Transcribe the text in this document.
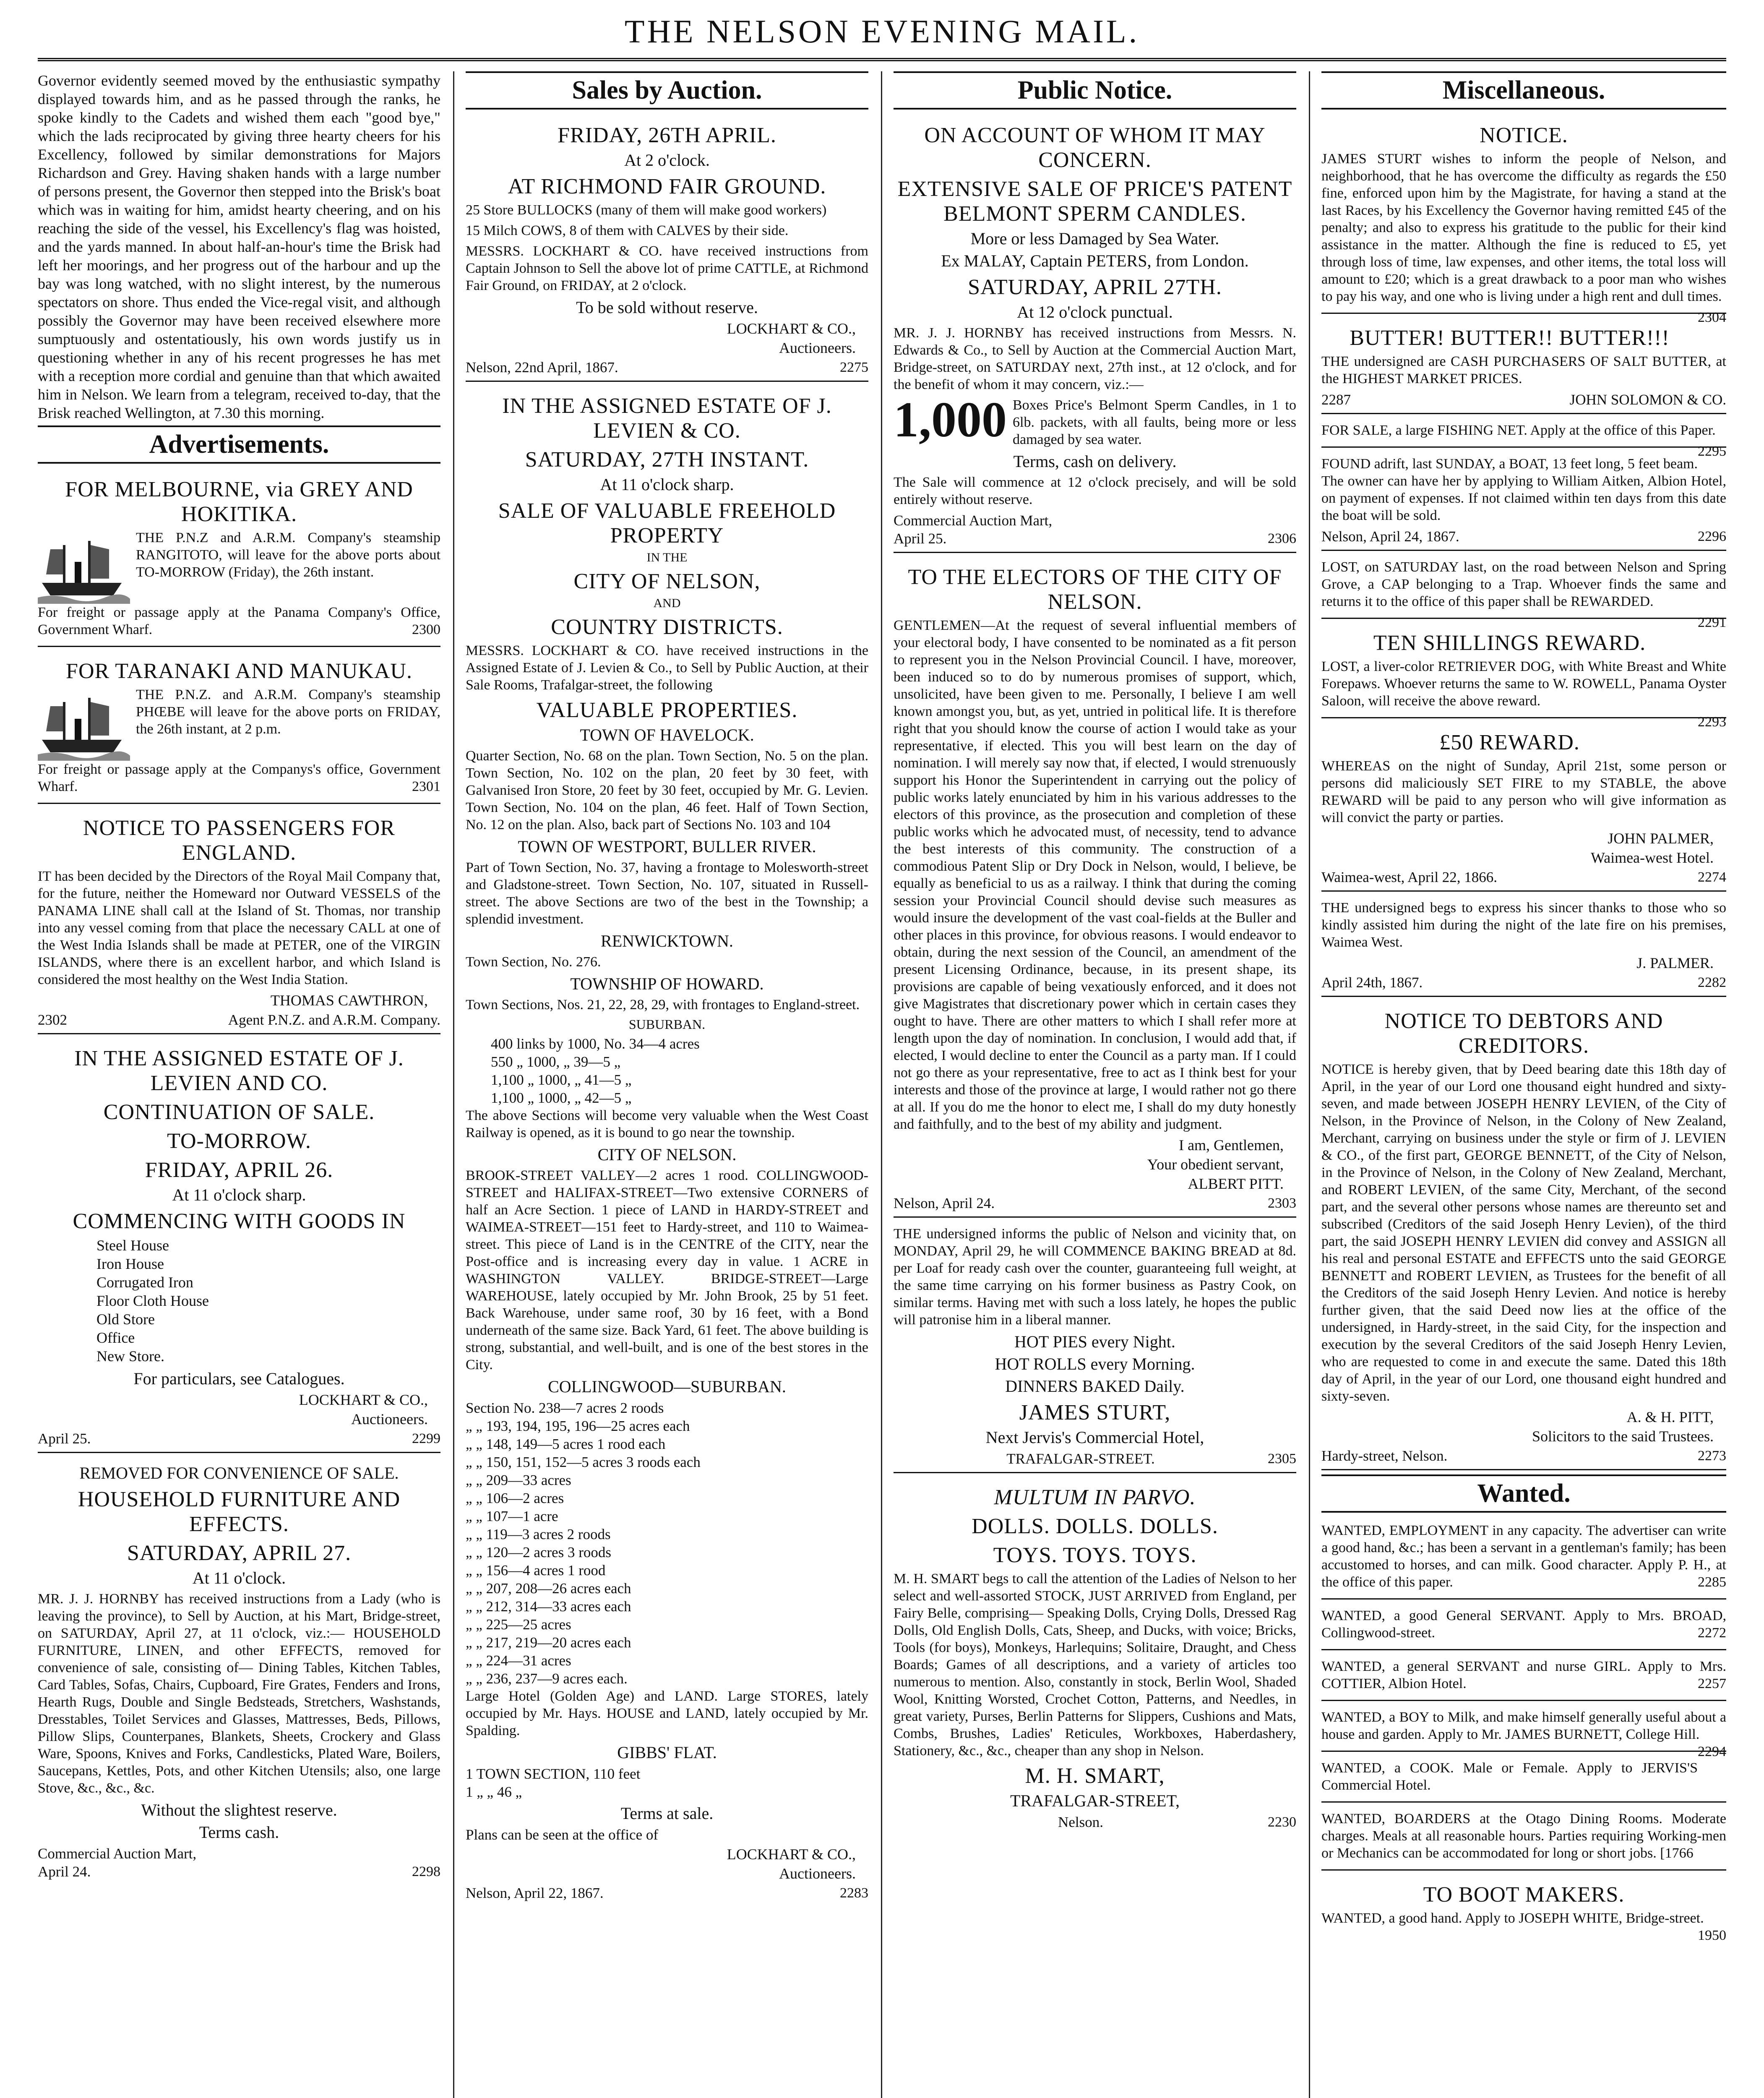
THE NELSON EVENING MAIL.

Governor evidently seemed moved by the enthusiastic sympathy displayed towards him, and as he passed through the ranks, he spoke kindly to the Cadets and wished them each "good bye," which the lads reciprocated by giving three hearty cheers for his Excellency, followed by similar demonstrations for Majors Richardson and Grey. Having shaken hands with a large number of persons present, the Governor then stepped into the Brisk's boat which was in waiting for him, amidst hearty cheering, and on his reaching the side of the vessel, his Excellency's flag was hoisted, and the yards manned. In about half-an-hour's time the Brisk had left her moorings, and her progress out of the harbour and up the bay was long watched, with no slight interest, by the numerous spectators on shore. Thus ended the Vice-regal visit, and although possibly the Governor may have been received elsewhere more sumptuously and ostentatiously, his own words justify us in questioning whether in any of his recent progresses he has met with a reception more cordial and genuine than that which awaited him in Nelson. We learn from a telegram, received to-day, that the Brisk reached Wellington, at 7.30 this morning.

Advertisements.
FOR MELBOURNE, via GREY AND HOKITIKA.

THE P.N.Z and A.R.M. Company's steamship RANGITOTO, will leave for the above ports about TO-MORROW (Friday), the 26th instant.

For freight or passage apply at the Panama Company's Office, Government Wharf.	2300

FOR TARANAKI AND MANUKAU.

THE P.N.Z. and A.R.M. Company's steamship PHŒBE will leave for the above ports on FRIDAY, the 26th instant, at 2 p.m.

For freight or passage apply at the Companys's office, Government Wharf.	2301

NOTICE TO PASSENGERS FOR ENGLAND.

IT has been decided by the Directors of the Royal Mail Company that, for the future, neither the Homeward nor Outward VESSELS of the PANAMA LINE shall call at the Island of St. Thomas, nor tranship into any vessel coming from that place the necessary CALL at one of the West India Islands shall be made at PETER, one of the VIRGIN ISLANDS, where there is an excellent harbor, and which Island is considered the most healthy on the West India Station.

THOMAS CAWTHRON,
2302	Agent P.N.Z. and A.R.M. Company.
IN THE ASSIGNED ESTATE OF J. LEVIEN AND CO.
CONTINUATION OF SALE.
TO-MORROW.
FRIDAY, APRIL 26.
At 11 o'clock sharp.
COMMENCING WITH GOODS IN
Steel House
Iron House
Corrugated Iron
Floor Cloth House
Old Store
Office
New Store.
For particulars, see Catalogues.
LOCKHART & CO.,
Auctioneers.
April 25.	2299
REMOVED FOR CONVENIENCE OF SALE.
HOUSEHOLD FURNITURE AND EFFECTS.
SATURDAY, APRIL 27.
At 11 o'clock.

MR. J. J. HORNBY has received instructions from a Lady (who is leaving the province), to Sell by Auction, at his Mart, Bridge-street, on SATURDAY, April 27, at 11 o'clock, viz.:— HOUSEHOLD FURNITURE, LINEN, and other EFFECTS, removed for convenience of sale, consisting of— Dining Tables, Kitchen Tables, Card Tables, Sofas, Chairs, Cupboard, Fire Grates, Fenders and Irons, Hearth Rugs, Double and Single Bedsteads, Stretchers, Washstands, Dresstables, Toilet Services and Glasses, Mattresses, Beds, Pillows, Pillow Slips, Counterpanes, Blankets, Sheets, Crockery and Glass Ware, Spoons, Knives and Forks, Candlesticks, Plated Ware, Boilers, Saucepans, Kettles, Pots, and other Kitchen Utensils; also, one large Stove, &c., &c., &c.

Without the slightest reserve.
Terms cash.
Commercial Auction Mart,
April 24.	2298
Sales by Auction.
FRIDAY, 26TH APRIL.
At 2 o'clock.
AT RICHMOND FAIR GROUND.

25 Store BULLOCKS (many of them will make good workers)

15 Milch COWS, 8 of them with CALVES by their side.

MESSRS. LOCKHART & CO. have received instructions from Captain Johnson to Sell the above lot of prime CATTLE, at Richmond Fair Ground, on FRIDAY, at 2 o'clock.

To be sold without reserve.
LOCKHART & CO.,
Auctioneers.
Nelson, 22nd April, 1867.	2275
IN THE ASSIGNED ESTATE OF J. LEVIEN & CO.
SATURDAY, 27TH INSTANT.
At 11 o'clock sharp.
SALE OF VALUABLE FREEHOLD PROPERTY
IN THE
CITY OF NELSON,
AND
COUNTRY DISTRICTS.

MESSRS. LOCKHART & CO. have received instructions in the Assigned Estate of J. Levien & Co., to Sell by Public Auction, at their Sale Rooms, Trafalgar-street, the following

VALUABLE PROPERTIES.
TOWN OF HAVELOCK.

Quarter Section, No. 68 on the plan. Town Section, No. 5 on the plan. Town Section, No. 102 on the plan, 20 feet by 30 feet, with Galvanised Iron Store, 20 feet by 30 feet, occupied by Mr. G. Levien. Town Section, No. 104 on the plan, 46 feet. Half of Town Section, No. 12 on the plan. Also, back part of Sections No. 103 and 104

TOWN OF WESTPORT, BULLER RIVER.

Part of Town Section, No. 37, having a frontage to Molesworth-street and Gladstone-street. Town Section, No. 107, situated in Russell-street. The above Sections are two of the best in the Township; a splendid investment.

RENWICKTOWN.

Town Section, No. 276.

TOWNSHIP OF HOWARD.

Town Sections, Nos. 21, 22, 28, 29, with frontages to England-street.

SUBURBAN.
400 links by 1000, No. 34—4 acres
550 „ 1000, „ 39—5 „
1,100 „ 1000, „ 41—5 „
1,100 „ 1000, „ 42—5 „

The above Sections will become very valuable when the West Coast Railway is opened, as it is bound to go near the township.

CITY OF NELSON.

BROOK-STREET VALLEY—2 acres 1 rood. COLLINGWOOD-STREET and HALIFAX-STREET—Two extensive CORNERS of half an Acre Section. 1 piece of LAND in HARDY-STREET and WAIMEA-STREET—151 feet to Hardy-street, and 110 to Waimea-street. This piece of Land is in the CENTRE of the CITY, near the Post-office and is increasing every day in value. 1 ACRE in WASHINGTON VALLEY. BRIDGE-STREET—Large WAREHOUSE, lately occupied by Mr. John Brook, 25 by 51 feet. Back Warehouse, under same roof, 30 by 16 feet, with a Bond underneath of the same size. Back Yard, 61 feet. The above building is strong, substantial, and well-built, and is one of the best stores in the City.

COLLINGWOOD—SUBURBAN.
Section No. 238—7 acres 2 roods
„ „ 193, 194, 195, 196—25 acres each
„ „ 148, 149—5 acres 1 rood each
„ „ 150, 151, 152—5 acres 3 roods each
„ „ 209—33 acres
„ „ 106—2 acres
„ „ 107—1 acre
„ „ 119—3 acres 2 roods
„ „ 120—2 acres 3 roods
„ „ 156—4 acres 1 rood
„ „ 207, 208—26 acres each
„ „ 212, 314—33 acres each
„ „ 225—25 acres
„ „ 217, 219—20 acres each
„ „ 224—31 acres
„ „ 236, 237—9 acres each.

Large Hotel (Golden Age) and LAND. Large STORES, lately occupied by Mr. Hays. HOUSE and LAND, lately occupied by Mr. Spalding.

GIBBS' FLAT.
1 TOWN SECTION, 110 feet
1 „ „ 46 „
Terms at sale.
Plans can be seen at the office of
LOCKHART & CO.,
Auctioneers.
Nelson, April 22, 1867.	2283
Public Notice.
ON ACCOUNT OF WHOM IT MAY CONCERN.
EXTENSIVE SALE OF PRICE'S PATENT BELMONT SPERM CANDLES.
More or less Damaged by Sea Water.
Ex MALAY, Captain PETERS, from London.
SATURDAY, APRIL 27TH.
At 12 o'clock punctual.

MR. J. J. HORNBY has received instructions from Messrs. N. Edwards & Co., to Sell by Auction at the Commercial Auction Mart, Bridge-street, on SATURDAY next, 27th inst., at 12 o'clock, and for the benefit of whom it may concern, viz.:—

1,000 Boxes Price's Belmont Sperm Candles, in 1 to 6lb. packets, with all faults, being more or less damaged by sea water.

Terms, cash on delivery.

The Sale will commence at 12 o'clock precisely, and will be sold entirely without reserve.

Commercial Auction Mart,
April 25.	2306
TO THE ELECTORS OF THE CITY OF NELSON.

GENTLEMEN—At the request of several influential members of your electoral body, I have consented to be nominated as a fit person to represent you in the Nelson Provincial Council. I have, moreover, been induced so to do by numerous promises of support, which, unsolicited, have been given to me. Personally, I believe I am well known amongst you, but, as yet, untried in political life. It is therefore right that you should know the course of action I would take as your representative, if elected. This you will best learn on the day of nomination. I will merely say now that, if elected, I would strenuously support his Honor the Superintendent in carrying out the policy of public works lately enunciated by him in his various addresses to the electors of this province, as the prosecution and completion of these public works which he advocated must, of necessity, tend to advance the best interests of this community. The construction of a commodious Patent Slip or Dry Dock in Nelson, would, I believe, be equally as beneficial to us as a railway. I think that during the coming session your Provincial Council should devise such measures as would insure the development of the vast coal-fields at the Buller and other places in this province, for obvious reasons. I would endeavor to obtain, during the next session of the Council, an amendment of the present Licensing Ordinance, because, in its present shape, its provisions are capable of being vexatiously enforced, and it does not give Magistrates that discretionary power which in certain cases they ought to have. There are other matters to which I shall refer more at length upon the day of nomination. In conclusion, I would add that, if elected, I would decline to enter the Council as a party man. If I could not go there as your representative, free to act as I think best for your interests and those of the province at large, I would rather not go there at all. If you do me the honor to elect me, I shall do my duty honestly and faithfully, and to the best of my ability and judgment.

I am, Gentlemen,
Your obedient servant,
ALBERT PITT.
Nelson, April 24.	2303

THE undersigned informs the public of Nelson and vicinity that, on MONDAY, April 29, he will COMMENCE BAKING BREAD at 8d. per Loaf for ready cash over the counter, guaranteeing full weight, at the same time carrying on his former business as Pastry Cook, on similar terms. Having met with such a loss lately, he hopes the public will patronise him in a liberal manner.

HOT PIES every Night.
HOT ROLLS every Morning.
DINNERS BAKED Daily.
JAMES STURT,
Next Jervis's Commercial Hotel,
TRAFALGAR-STREET.	2305
MULTUM IN PARVO.
DOLLS. DOLLS. DOLLS.
TOYS. TOYS. TOYS.

M. H. SMART begs to call the attention of the Ladies of Nelson to her select and well-assorted STOCK, JUST ARRIVED from England, per Fairy Belle, comprising— Speaking Dolls, Crying Dolls, Dressed Rag Dolls, Old English Dolls, Cats, Sheep, and Ducks, with voice; Bricks, Tools (for boys), Monkeys, Harlequins; Solitaire, Draught, and Chess Boards; Games of all descriptions, and a variety of articles too numerous to mention. Also, constantly in stock, Berlin Wool, Shaded Wool, Knitting Worsted, Crochet Cotton, Patterns, and Needles, in great variety, Purses, Berlin Patterns for Slippers, Cushions and Mats, Combs, Brushes, Ladies' Reticules, Workboxes, Haberdashery, Stationery, &c., &c., cheaper than any shop in Nelson.

M. H. SMART,
TRAFALGAR-STREET,
Nelson.	2230
Miscellaneous.
NOTICE.

JAMES STURT wishes to inform the people of Nelson, and neighborhood, that he has overcome the difficulty as regards the £50 fine, enforced upon him by the Magistrate, for having a stand at the last Races, by his Excellency the Governor having remitted £45 of the penalty; and also to express his gratitude to the public for their kind assistance in the matter. Although the fine is reduced to £5, yet through loss of time, law expenses, and other items, the total loss will amount to £20; which is a great drawback to a poor man who wishes to pay his way, and one who is living under a high rent and dull times.

2304
BUTTER! BUTTER!! BUTTER!!!

THE undersigned are CASH PURCHASERS OF SALT BUTTER, at the HIGHEST MARKET PRICES.

2287	JOHN SOLOMON & CO.

FOR SALE, a large FISHING NET. Apply at the office of this Paper.

2295

FOUND adrift, last SUNDAY, a BOAT, 13 feet long, 5 feet beam. The owner can have her by applying to William Aitken, Albion Hotel, on payment of expenses. If not claimed within ten days from this date the boat will be sold.

Nelson, April 24, 1867.	2296

LOST, on SATURDAY last, on the road between Nelson and Spring Grove, a CAP belonging to a Trap. Whoever finds the same and returns it to the office of this paper shall be REWARDED.

2291
TEN SHILLINGS REWARD.

LOST, a liver-color RETRIEVER DOG, with White Breast and White Forepaws. Whoever returns the same to W. ROWELL, Panama Oyster Saloon, will receive the above reward.

2293
£50 REWARD.

WHEREAS on the night of Sunday, April 21st, some person or persons did maliciously SET FIRE to my STABLE, the above REWARD will be paid to any person who will give information as will convict the party or parties.

JOHN PALMER,
Waimea-west Hotel.
Waimea-west, April 22, 1866.	2274

THE undersigned begs to express his sincer thanks to those who so kindly assisted him during the night of the late fire on his premises, Waimea West.

J. PALMER.
April 24th, 1867.	2282
NOTICE TO DEBTORS AND CREDITORS.

NOTICE is hereby given, that by Deed bearing date this 18th day of April, in the year of our Lord one thousand eight hundred and sixty-seven, and made between JOSEPH HENRY LEVIEN, of the City of Nelson, in the Province of Nelson, in the Colony of New Zealand, Merchant, carrying on business under the style or firm of J. LEVIEN & CO., of the first part, GEORGE BENNETT, of the City of Nelson, in the Province of Nelson, in the Colony of New Zealand, Merchant, and ROBERT LEVIEN, of the same City, Merchant, of the second part, and the several other persons whose names are thereunto set and subscribed (Creditors of the said Joseph Henry Levien), of the third part, the said JOSEPH HENRY LEVIEN did convey and ASSIGN all his real and personal ESTATE and EFFECTS unto the said GEORGE BENNETT and ROBERT LEVIEN, as Trustees for the benefit of all the Creditors of the said Joseph Henry Levien. And notice is hereby further given, that the said Deed now lies at the office of the undersigned, in Hardy-street, in the said City, for the inspection and execution by the several Creditors of the said Joseph Henry Levien, who are requested to come in and execute the same. Dated this 18th day of April, in the year of our Lord, one thousand eight hundred and sixty-seven.

A. & H. PITT,
Solicitors to the said Trustees.
Hardy-street, Nelson.	2273
Wanted.

WANTED, EMPLOYMENT in any capacity. The advertiser can write a good hand, &c.; has been a servant in a gentleman's family; has been accustomed to horses, and can milk. Good character. Apply P. H., at the office of this paper.	2285

WANTED, a good General SERVANT. Apply to Mrs. BROAD, Collingwood-street.	2272

WANTED, a general SERVANT and nurse GIRL. Apply to Mrs. COTTIER, Albion Hotel.	2257

WANTED, a BOY to Milk, and make himself generally useful about a house and garden. Apply to Mr. JAMES BURNETT, College Hill.
2294

WANTED, a COOK. Male or Female. Apply to JERVIS'S Commercial Hotel.

WANTED, BOARDERS at the Otago Dining Rooms. Moderate charges. Meals at all reasonable hours. Parties requiring Working-men or Mechanics can be accommodated for long or short jobs. [1766

TO BOOT MAKERS.

WANTED, a good hand. Apply to JOSEPH WHITE, Bridge-street.
1950
